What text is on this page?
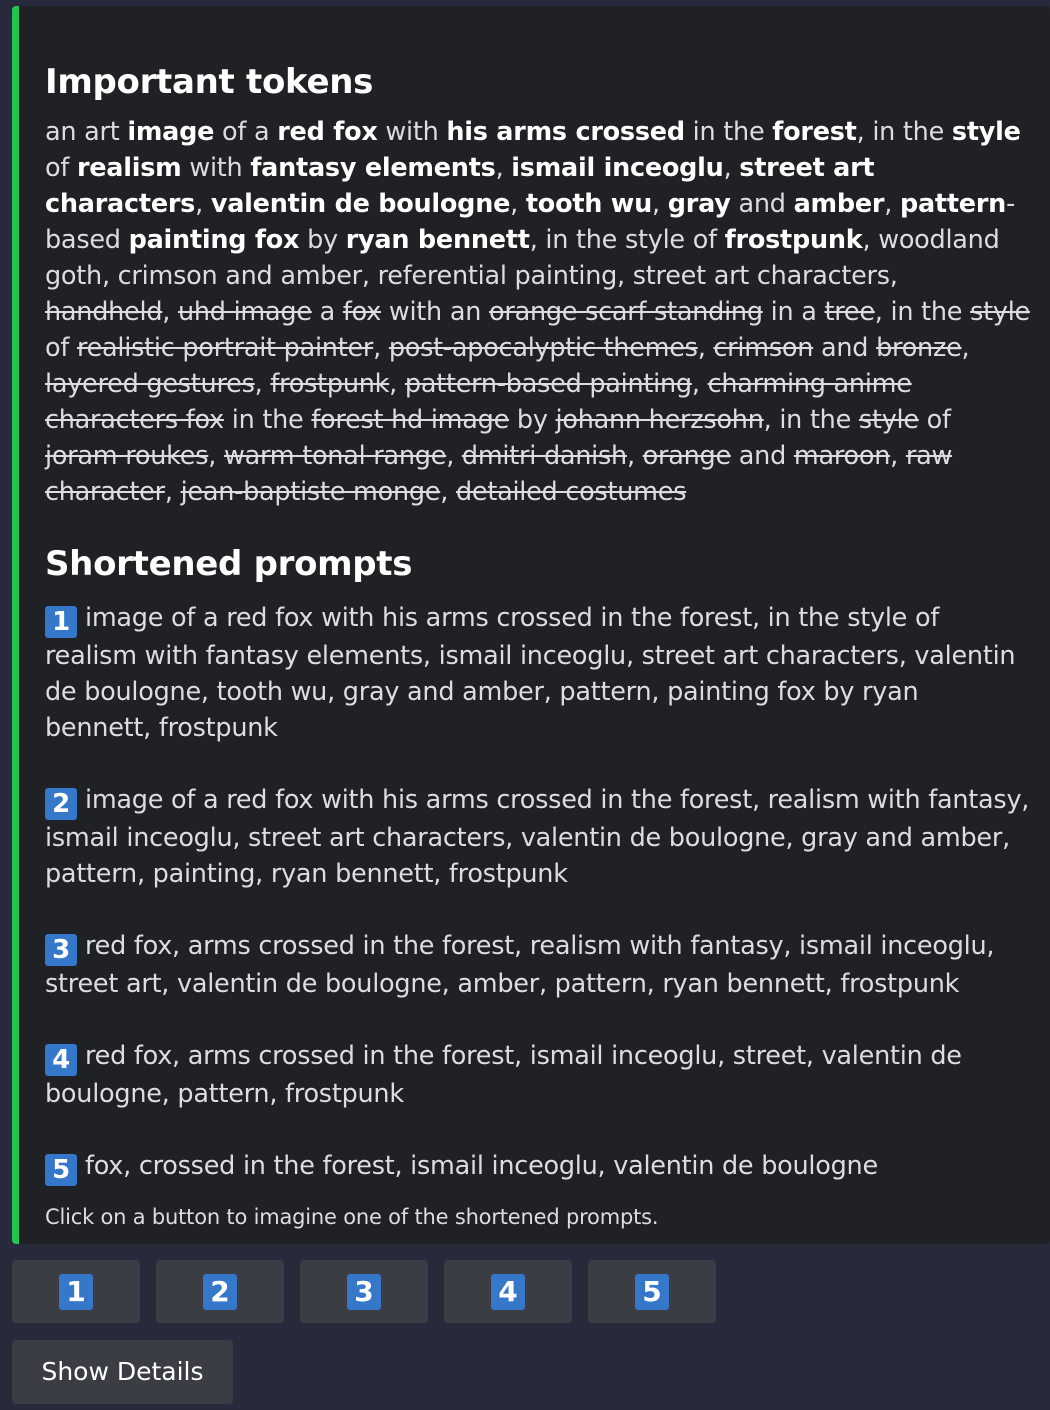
Important tokens

an art image of a red fox with his arms crossed in the forest, in the style of realism with fantasy elements, ismail inceoglu, street art characters, valentin de boulogne, tooth wu, gray and amber, pattern-based painting fox by ryan bennett, in the style of frostpunk, woodland goth, crimson and amber, referential painting, street art characters, handheld, uhd image a fox with an orange scarf standing in a tree, in the style of realistic portrait painter, post-apocalyptic themes, crimson and bronze, layered gestures, frostpunk, pattern-based painting, charming anime characters fox in the forest hd image by johann herzsohn, in the style of joram roukes, warm tonal range, dmitri danish, orange and maroon, raw character, jean-baptiste monge, detailed costumes

Shortened prompts

1 image of a red fox with his arms crossed in the forest, in the style of realism with fantasy elements, ismail inceoglu, street art characters, valentin de boulogne, tooth wu, gray and amber, pattern, painting fox by ryan bennett, frostpunk

2 image of a red fox with his arms crossed in the forest, realism with fantasy, ismail inceoglu, street art characters, valentin de boulogne, gray and amber, pattern, painting, ryan bennett, frostpunk

3 red fox, arms crossed in the forest, realism with fantasy, ismail inceoglu, street art, valentin de boulogne, amber, pattern, ryan bennett, frostpunk

4 red fox, arms crossed in the forest, ismail inceoglu, street, valentin de boulogne, pattern, frostpunk

5 fox, crossed in the forest, ismail inceoglu, valentin de boulogne

Click on a button to imagine one of the shortened prompts.
1	2	3	4	5
Show Details
